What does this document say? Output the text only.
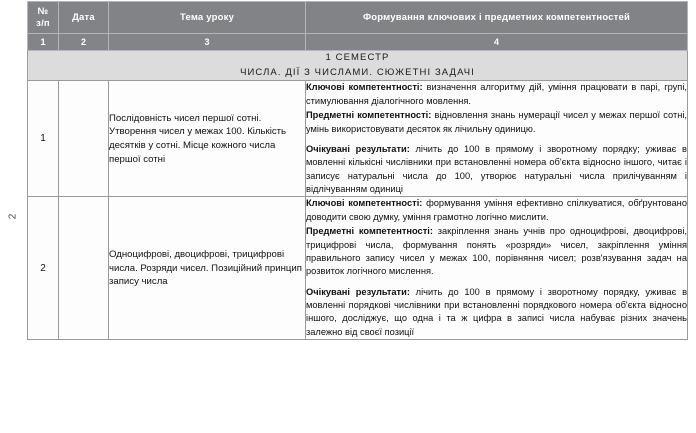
2
№
з/п	Дата	Тема уроку	Формування ключових і предметних компетентностей
1	2	3	4

1 СЕМЕСТР
ЧИСЛА. ДІЇ З ЧИСЛАМИ. СЮЖЕТНІ ЗАДАЧІ			

1		Послідовність чисел першої сотні. Утворення чисел у межах 100. Кількість десятків у сотні. Місце кожного числа першої сотні	Ключові компетентності: визначення алгоритму дій, уміння працювати в парі, групі, стимулювання діалогічного мовлення.

Предметні компетентності: відновлення знань нумерації чисел у межах першої сотні, умінь використовувати десяток як лічильну одиницю.

Очікувані результати: лічить до 100 в прямому і зворотному порядку; уживає в мовленні кількісні числівники при встановленні номера об'єкта відносно іншого, читає і записує натуральні числа до 100, утворює натуральні числа прилічуванням і відлічуванням одиниці

2		Одноцифрові, двоцифрові, трицифрові числа. Розряди чисел. Позиційний принцип запису числа	Ключові компетентності: формування уміння ефективно спілкуватися, обґрунтовано доводити свою думку, уміння грамотно логічно мислити.

Предметні компетентності: закріплення знань учнів про одноцифрові, двоцифрові, трицифрові числа, формування понять «розряди» чисел, закріплення уміння правильного запису чисел у межах 100, порівняння чисел; розв'язування задач на розвиток логічного мислення.

Очікувані результати: лічить до 100 в прямому і зворотному порядку, уживає в мовленні порядкові числівники при встановленні порядкового номера об'єкта відносно іншого, досліджує, що одна і та ж цифра в записі числа набуває різних значень залежно від своєї позиції
